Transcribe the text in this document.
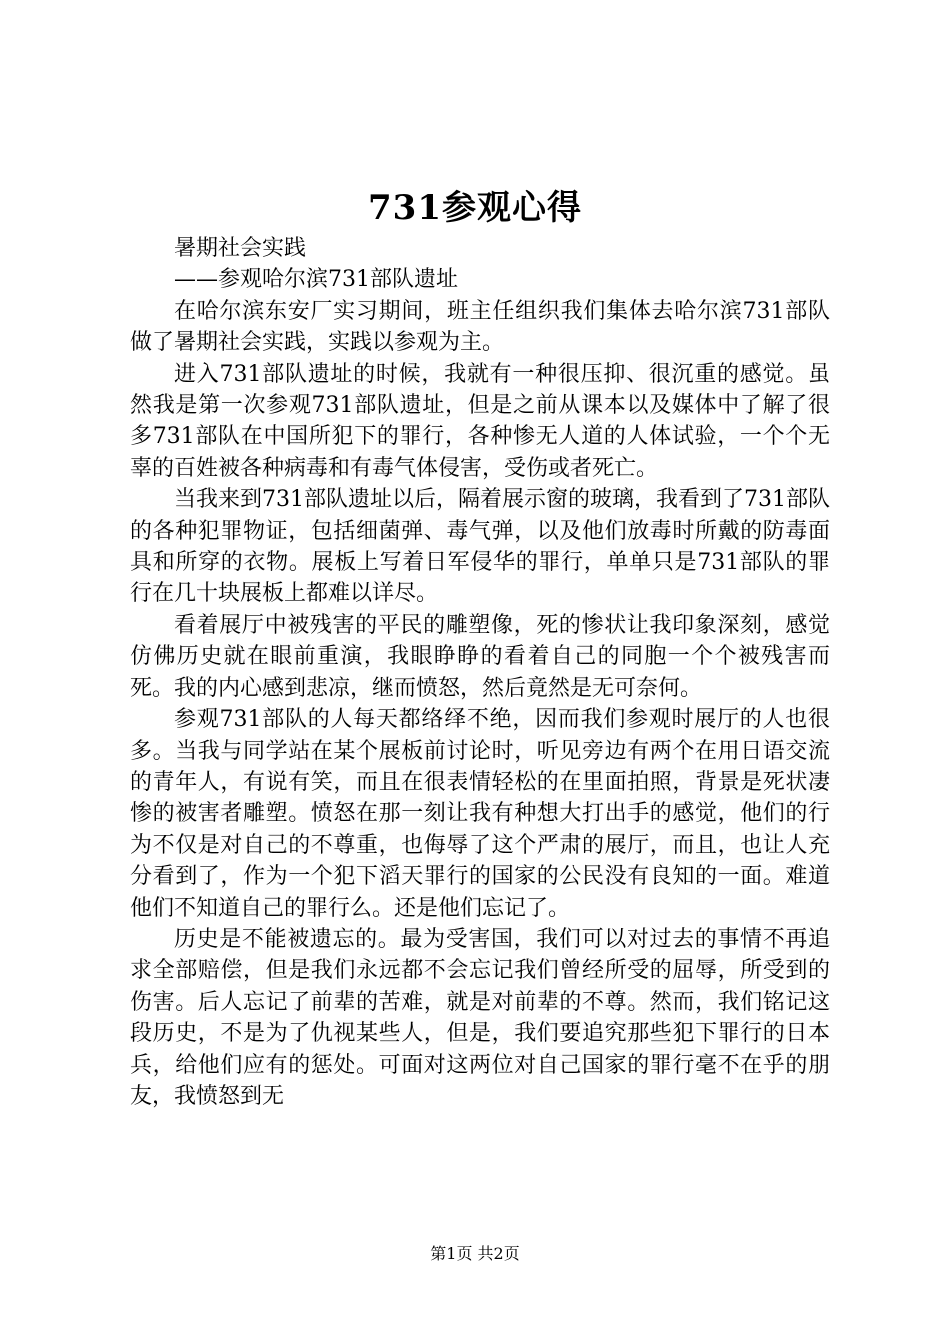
731参观心得

暑期社会实践

——参观哈尔滨731部队遗址

在哈尔滨东安厂实习期间，班主任组织我们集体去哈尔滨731部队做了暑期社会实践，实践以参观为主。

进入731部队遗址的时候，我就有一种很压抑、很沉重的感觉。虽然我是第一次参观731部队遗址，但是之前从课本以及媒体中了解了很多731部队在中国所犯下的罪行，各种惨无人道的人体试验，一个个无辜的百姓被各种病毒和有毒气体侵害，受伤或者死亡。

当我来到731部队遗址以后，隔着展示窗的玻璃，我看到了731部队的各种犯罪物证，包括细菌弹、毒气弹，以及他们放毒时所戴的防毒面具和所穿的衣物。展板上写着日军侵华的罪行，单单只是731部队的罪行在几十块展板上都难以详尽。

看着展厅中被残害的平民的雕塑像，死的惨状让我印象深刻，感觉仿佛历史就在眼前重演，我眼睁睁的看着自己的同胞一个个被残害而死。我的内心感到悲凉，继而愤怒，然后竟然是无可奈何。

参观731部队的人每天都络绎不绝，因而我们参观时展厅的人也很多。当我与同学站在某个展板前讨论时，听见旁边有两个在用日语交流的青年人，有说有笑，而且在很表情轻松的在里面拍照，背景是死状凄惨的被害者雕塑。愤怒在那一刻让我有种想大打出手的感觉，他们的行为不仅是对自己的不尊重，也侮辱了这个严肃的展厅，而且，也让人充分看到了，作为一个犯下滔天罪行的国家的公民没有良知的一面。难道他们不知道自己的罪行么。还是他们忘记了。

历史是不能被遗忘的。最为受害国，我们可以对过去的事情不再追求全部赔偿，但是我们永远都不会忘记我们曾经所受的屈辱，所受到的伤害。后人忘记了前辈的苦难，就是对前辈的不尊。然而，我们铭记这段历史，不是为了仇视某些人，但是，我们要追究那些犯下罪行的日本兵，给他们应有的惩处。可面对这两位对自己国家的罪行毫不在乎的朋友，我愤怒到无

第1页 共2页
